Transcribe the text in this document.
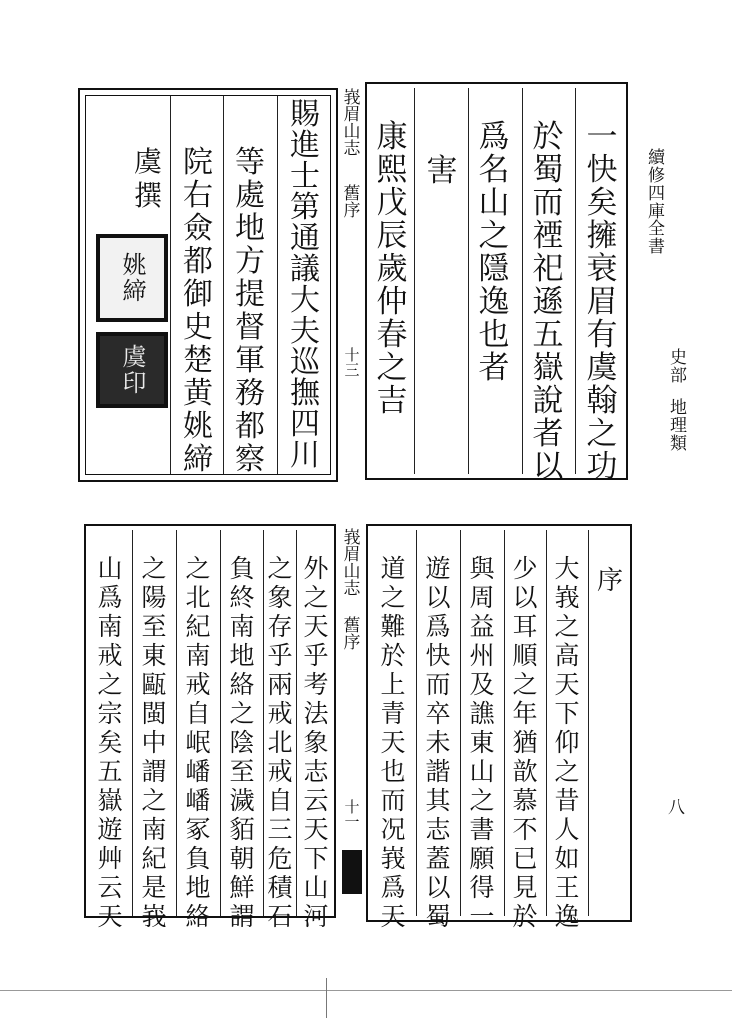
續
修
四
庫
全
書
史
部
地
理
類
八
峩
眉
山
志
舊
序
十
三
一
快
矣
擁
衰
眉
有
虞
翰
之
功
於
蜀
而
禋
祀
遜
五
嶽
說
者
以
爲
名
山
之
隱
逸
也
者
害
康
熙
戊
辰
歲
仲
春
之
吉
賜
進
士
第
通
議
大
夫
巡
撫
四
川
等
處
地
方
提
督
軍
務
都
察
院
右
僉
都
御
史
楚
黄
姚
締
虞
撰
姚締
虞印
峩
眉
山
志
舊
序
十
一
序
大
峩
之
高
天
下
仰
之
昔
人
如
王
逸
少
以
耳
順
之
年
猶
歆
慕
不
已
見
於
與
周
益
州
及
譙
東
山
之
書
願
得
一
遊
以
爲
快
而
卒
未
諧
其
志
蓋
以
蜀
道
之
難
於
上
青
天
也
而
况
峩
爲
天
外
之
天
乎
考
法
象
志
云
天
下
山
河
之
象
存
乎
兩
戒
北
戒
自
三
危
積
石
負
終
南
地
絡
之
陰
至
濊
貊
朝
鮮
謂
之
北
紀
南
戒
自
岷
嶓
嶓
冢
負
地
絡
之
陽
至
東
甌
閩
中
謂
之
南
紀
是
峩
山
爲
南
戒
之
宗
矣
五
嶽
遊
艸
云
天
